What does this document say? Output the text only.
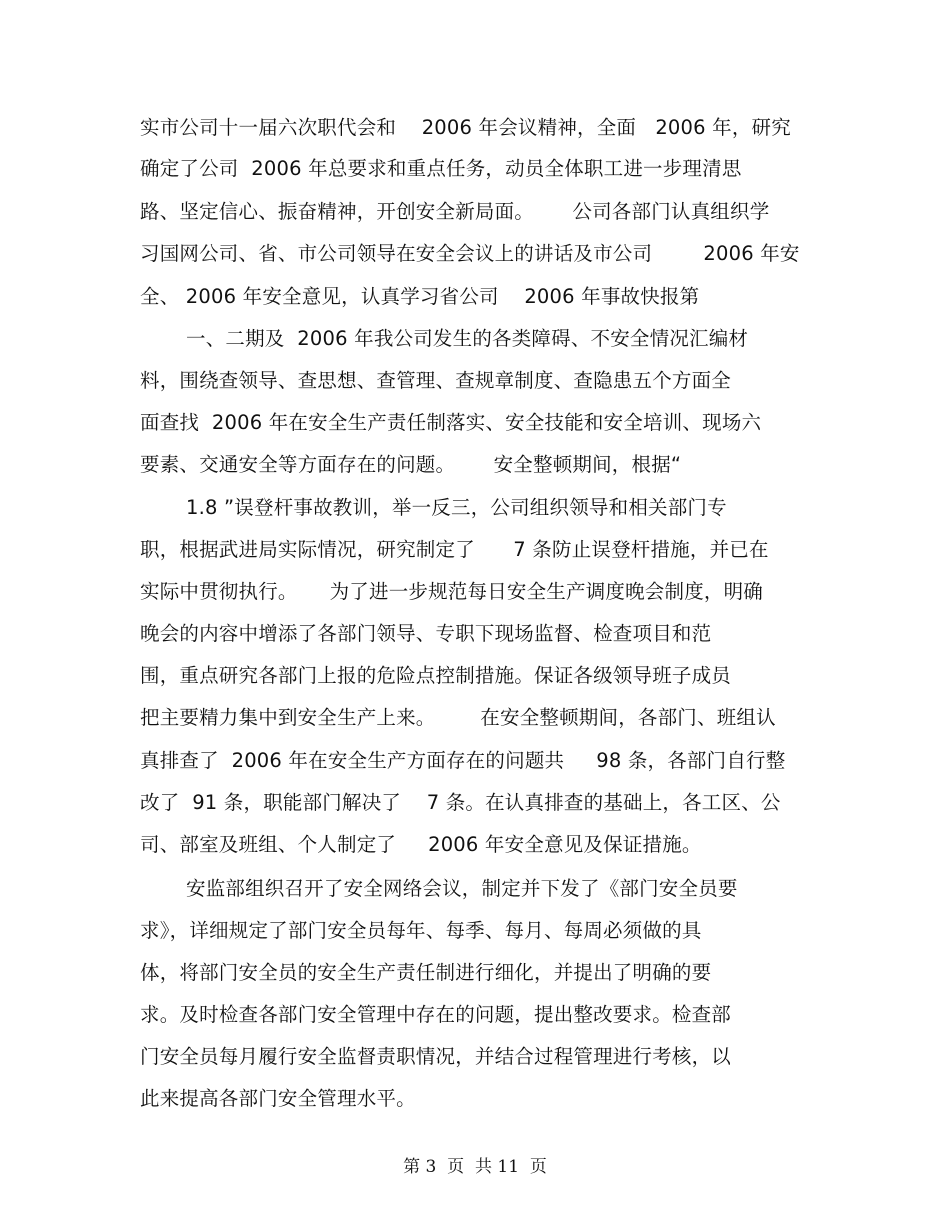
实市公司十一届六次职代会和    2006 年会议精神，全面   2006 年，研究
确定了公司  2006 年总要求和重点任务，动员全体职工进一步理清思
路、坚定信心、振奋精神，开创安全新局面。      公司各部门认真组织学
习国网公司、省、市公司领导在安全会议上的讲话及市公司        2006 年安
全、 2006 年安全意见，认真学习省公司    2006 年事故快报第
一、二期及  2006 年我公司发生的各类障碍、不安全情况汇编材
料，围绕查领导、查思想、查管理、查规章制度、查隐患五个方面全
面查找  2006 年在安全生产责任制落实、安全技能和安全培训、现场六
要素、交通安全等方面存在的问题。      安全整顿期间，根据“
1.8 ”误登杆事故教训，举一反三，公司组织领导和相关部门专
职，根据武进局实际情况，研究制定了      7 条防止误登杆措施，并已在
实际中贯彻执行。     为了进一步规范每日安全生产调度晚会制度，明确
晚会的内容中增添了各部门领导、专职下现场监督、检查项目和范
围，重点研究各部门上报的危险点控制措施。保证各级领导班子成员
把主要精力集中到安全生产上来。       在安全整顿期间，各部门、班组认
真排查了  2006 年在安全生产方面存在的问题共     98 条，各部门自行整
改了  91 条，职能部门解决了    7 条。在认真排查的基础上，各工区、公
司、部室及班组、个人制定了     2006 年安全意见及保证措施。
安监部组织召开了安全网络会议，制定并下发了《部门安全员要
求》，详细规定了部门安全员每年、每季、每月、每周必须做的具
体，将部门安全员的安全生产责任制进行细化，并提出了明确的要
求。及时检查各部门安全管理中存在的问题，提出整改要求。检查部
门安全员每月履行安全监督责职情况，并结合过程管理进行考核，以
此来提高各部门安全管理水平。
第 3  页  共 11  页
